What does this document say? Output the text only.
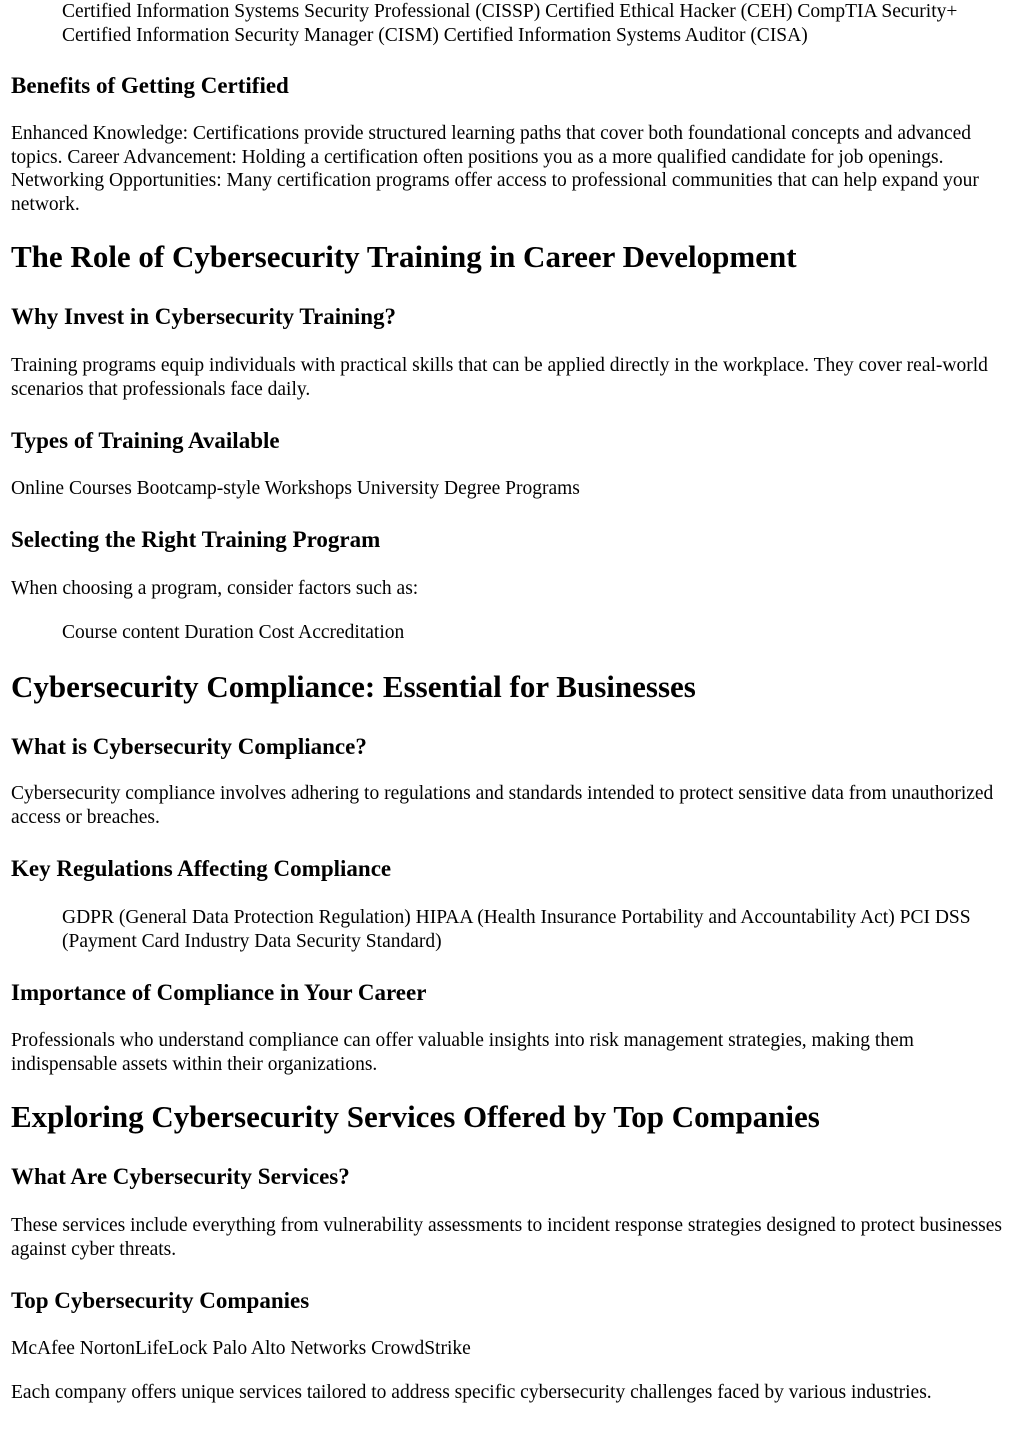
Certified Information Systems Security Professional (CISSP) Certified Ethical Hacker (CEH) CompTIA Security+ Certified Information Security Manager (CISM) Certified Information Systems Auditor (CISA)

Benefits of Getting Certified

Enhanced Knowledge: Certifications provide structured learning paths that cover both foundational concepts and advanced topics. Career Advancement: Holding a certification often positions you as a more qualified candidate for job openings. Networking Opportunities: Many certification programs offer access to professional communities that can help expand your network.

The Role of Cybersecurity Training in Career Development
Why Invest in Cybersecurity Training?

Training programs equip individuals with practical skills that can be applied directly in the workplace. They cover real-world scenarios that professionals face daily.

Types of Training Available

Online Courses Bootcamp-style Workshops University Degree Programs

Selecting the Right Training Program

When choosing a program, consider factors such as:

Course content Duration Cost Accreditation

Cybersecurity Compliance: Essential for Businesses
What is Cybersecurity Compliance?

Cybersecurity compliance involves adhering to regulations and standards intended to protect sensitive data from unauthorized access or breaches.

Key Regulations Affecting Compliance

GDPR (General Data Protection Regulation) HIPAA (Health Insurance Portability and Accountability Act) PCI DSS (Payment Card Industry Data Security Standard)

Importance of Compliance in Your Career

Professionals who understand compliance can offer valuable insights into risk management strategies, making them indispensable assets within their organizations.

Exploring Cybersecurity Services Offered by Top Companies
What Are Cybersecurity Services?

These services include everything from vulnerability assessments to incident response strategies designed to protect businesses against cyber threats.

Top Cybersecurity Companies

McAfee NortonLifeLock Palo Alto Networks CrowdStrike

Each company offers unique services tailored to address specific cybersecurity challenges faced by various industries.
